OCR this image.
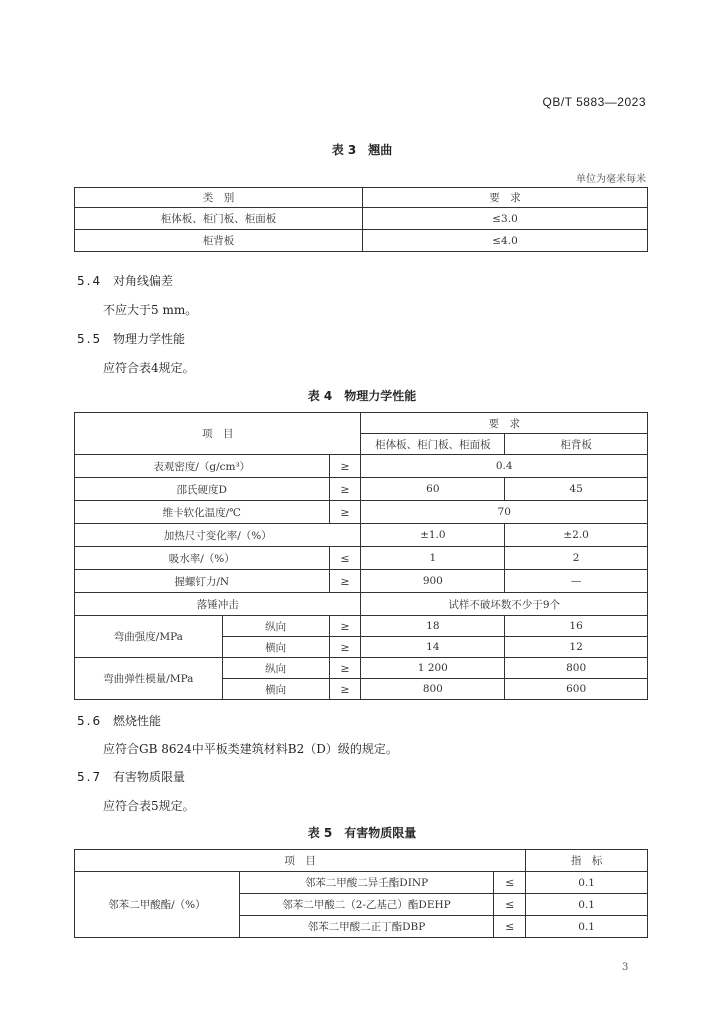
QB/T 5883—2023
表 3　翘曲
单位为毫米每米
类　别	要　求
柜体板、柜门板、柜面板	≤3.0
柜背板	≤4.0
5.4 对角线偏差
不应大于5 mm。
5.5 物理力学性能
应符合表4规定。
表 4　物理力学性能
项　目			要　求	
			柜体板、柜门板、柜面板	柜背板
表观密度/（g/cm³）		≥	0.4	
邵氏硬度D		≥	60	45
维卡软化温度/℃		≥	70	
加热尺寸变化率/（%）			±1.0	±2.0
吸水率/（%）		≤	1	2
握螺钉力/N		≥	900	—
落锤冲击			试样不破坏数不少于9个	
弯曲强度/MPa	纵向	≥	18	16
	横向	≥	14	12
弯曲弹性模量/MPa	纵向	≥	1 200	800
	横向	≥	800	600
5.6 燃烧性能
应符合GB 8624中平板类建筑材料B2（D）级的规定。
5.7 有害物质限量
应符合表5规定。
表 5　有害物质限量
项　目			指　标
邻苯二甲酸酯/（%）	邻苯二甲酸二异壬酯DINP	≤	0.1
	邻苯二甲酸二（2-乙基己）酯DEHP	≤	0.1
	邻苯二甲酸二正丁酯DBP	≤	0.1
3
